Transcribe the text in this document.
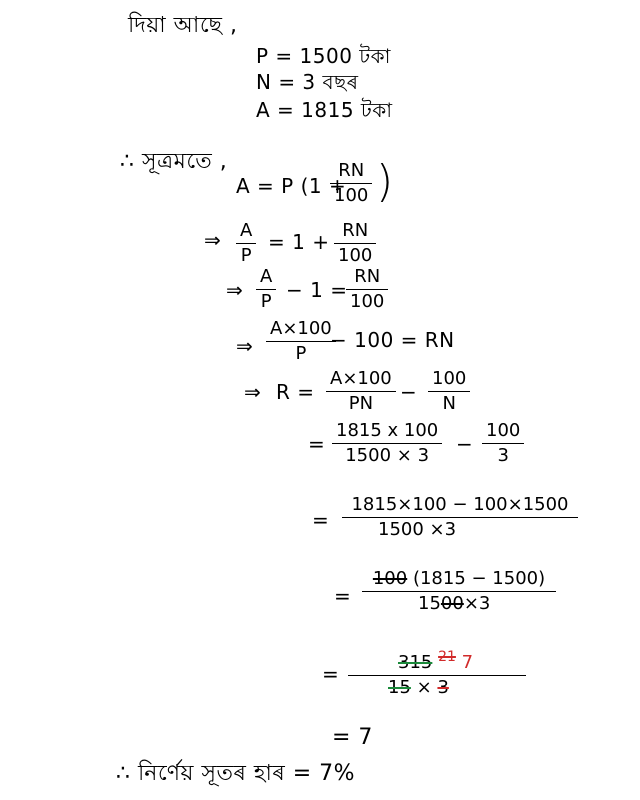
দিয়া আছে ,
P = 1500 টকা
N = 3 বছৰ
A = 1815 টকা
∴ সূত্ৰমতে ,
A = P (1 +
RN
100 )
⇒ A
P
= 1 + RN
100
⇒
A
P − 1 =
RN
100
⇒
A×100
P
− 100 = RN
⇒ R =
A×100
PN	−
100
N
=
1815 x 100
1500 × 3	−
100
3
=
1815×100 − 100×1500
1500 ×3
=
100 (1815 − 1500)
1500×3
=	315 $^{21}$ 7
15 × 3
= 7
∴ নিৰ্ণেয় সূতৰ হাৰ = 7%
